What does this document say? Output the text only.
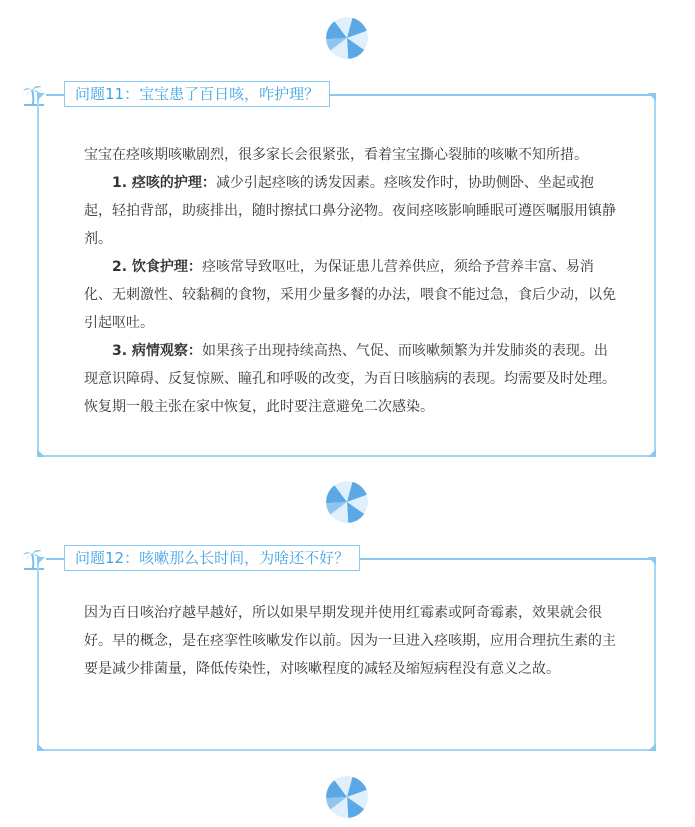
问题11：宝宝患了百日咳，咋护理？

宝宝在痉咳期咳嗽剧烈，很多家长会很紧张，看着宝宝撕心裂肺的咳嗽不知所措。

1. 痉咳的护理：减少引起痉咳的诱发因素。痉咳发作时，协助侧卧、坐起或抱起，轻拍背部，助痰排出，随时擦拭口鼻分泌物。夜间痉咳影响睡眠可遵医嘱服用镇静剂。

2. 饮食护理：痉咳常导致呕吐，为保证患儿营养供应，须给予营养丰富、易消化、无刺激性、较黏稠的食物，采用少量多餐的办法，喂食不能过急，食后少动，以免引起呕吐。

3. 病情观察：如果孩子出现持续高热、气促、而咳嗽频繁为并发肺炎的表现。出现意识障碍、反复惊厥、瞳孔和呼吸的改变，为百日咳脑病的表现。均需要及时处理。恢复期一般主张在家中恢复，此时要注意避免二次感染。

问题12：咳嗽那么长时间，为啥还不好？

因为百日咳治疗越早越好，所以如果早期发现并使用红霉素或阿奇霉素，效果就会很好。早的概念，是在痉挛性咳嗽发作以前。因为一旦进入痉咳期，应用合理抗生素的主要是减少排菌量，降低传染性，对咳嗽程度的减轻及缩短病程没有意义之故。
